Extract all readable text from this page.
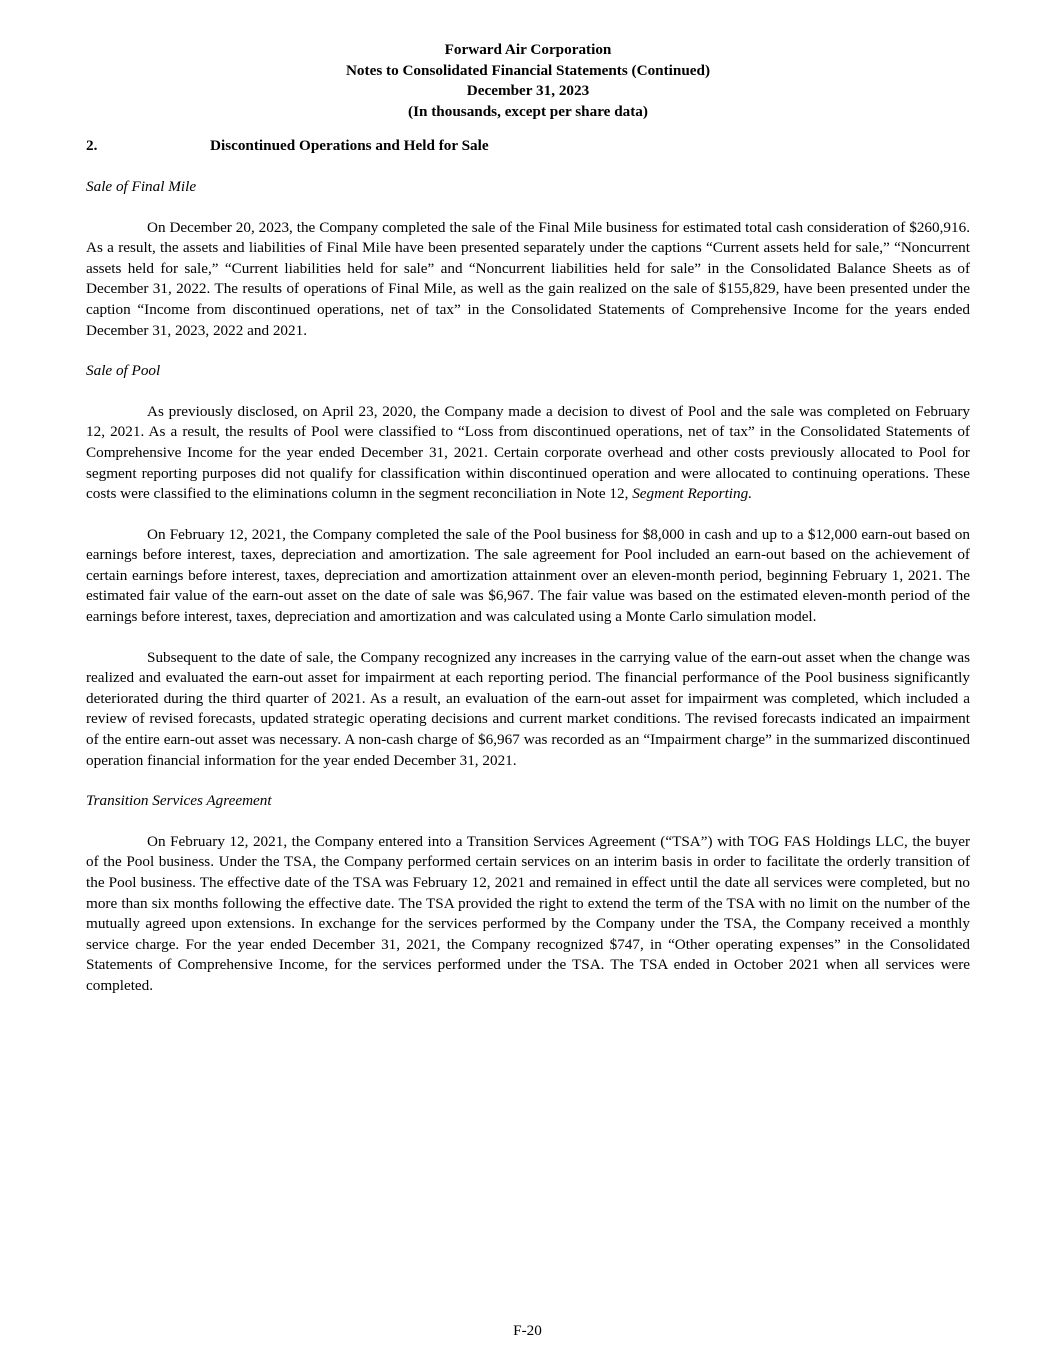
Forward Air Corporation
Notes to Consolidated Financial Statements (Continued)
December 31, 2023
(In thousands, except per share data)
2.	Discontinued Operations and Held for Sale
Sale of Final Mile

On December 20, 2023, the Company completed the sale of the Final Mile business for estimated total cash consideration of $260,916. As a result, the assets and liabilities of Final Mile have been presented separately under the captions “Current assets held for sale,” “Noncurrent assets held for sale,” “Current liabilities held for sale” and “Noncurrent liabilities held for sale” in the Consolidated Balance Sheets as of December 31, 2022. The results of operations of Final Mile, as well as the gain realized on the sale of $155,829, have been presented under the caption “Income from discontinued operations, net of tax” in the Consolidated Statements of Comprehensive Income for the years ended December 31, 2023, 2022 and 2021.

Sale of Pool

As previously disclosed, on April 23, 2020, the Company made a decision to divest of Pool and the sale was completed on February 12, 2021. As a result, the results of Pool were classified to “Loss from discontinued operations, net of tax” in the Consolidated Statements of Comprehensive Income for the year ended December 31, 2021. Certain corporate overhead and other costs previously allocated to Pool for segment reporting purposes did not qualify for classification within discontinued operation and were allocated to continuing operations. These costs were classified to the eliminations column in the segment reconciliation in Note 12, Segment Reporting.

On February 12, 2021, the Company completed the sale of the Pool business for $8,000 in cash and up to a $12,000 earn-out based on earnings before interest, taxes, depreciation and amortization. The sale agreement for Pool included an earn-out based on the achievement of certain earnings before interest, taxes, depreciation and amortization attainment over an eleven-month period, beginning February 1, 2021. The estimated fair value of the earn-out asset on the date of sale was $6,967. The fair value was based on the estimated eleven-month period of the earnings before interest, taxes, depreciation and amortization and was calculated using a Monte Carlo simulation model.

Subsequent to the date of sale, the Company recognized any increases in the carrying value of the earn-out asset when the change was realized and evaluated the earn-out asset for impairment at each reporting period. The financial performance of the Pool business significantly deteriorated during the third quarter of 2021. As a result, an evaluation of the earn-out asset for impairment was completed, which included a review of revised forecasts, updated strategic operating decisions and current market conditions. The revised forecasts indicated an impairment of the entire earn-out asset was necessary. A non-cash charge of $6,967 was recorded as an “Impairment charge” in the summarized discontinued operation financial information for the year ended December 31, 2021.

Transition Services Agreement

On February 12, 2021, the Company entered into a Transition Services Agreement (“TSA”) with TOG FAS Holdings LLC, the buyer of the Pool business. Under the TSA, the Company performed certain services on an interim basis in order to facilitate the orderly transition of the Pool business. The effective date of the TSA was February 12, 2021 and remained in effect until the date all services were completed, but no more than six months following the effective date. The TSA provided the right to extend the term of the TSA with no limit on the number of the mutually agreed upon extensions. In exchange for the services performed by the Company under the TSA, the Company received a monthly service charge. For the year ended December 31, 2021, the Company recognized $747, in “Other operating expenses” in the Consolidated Statements of Comprehensive Income, for the services performed under the TSA. The TSA ended in October 2021 when all services were completed.

F-20
